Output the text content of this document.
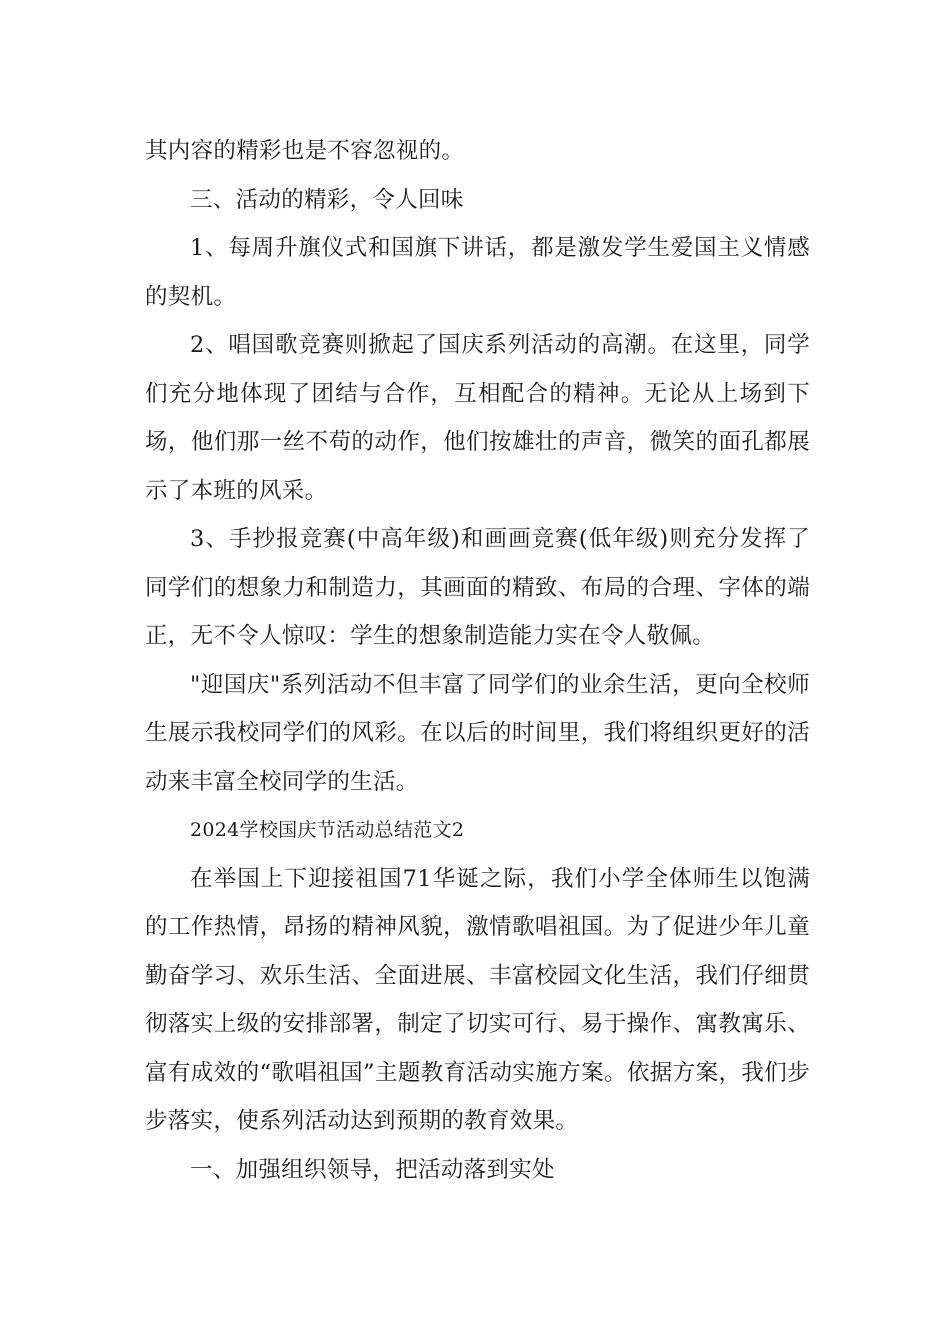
其内容的精彩也是不容忽视的。

三、活动的精彩，令人回味

1、每周升旗仪式和国旗下讲话，都是激发学生爱国主义情感的契机。

2、唱国歌竞赛则掀起了国庆系列活动的高潮。在这里，同学们充分地体现了团结与合作，互相配合的精神。无论从上场到下场，他们那一丝不苟的动作，他们按雄壮的声音，微笑的面孔都展示了本班的风采。

3、手抄报竞赛(中高年级)和画画竞赛(低年级)则充分发挥了同学们的想象力和制造力，其画面的精致、布局的合理、字体的端正，无不令人惊叹：学生的想象制造能力实在令人敬佩。

"迎国庆"系列活动不但丰富了同学们的业余生活，更向全校师生展示我校同学们的风彩。在以后的时间里，我们将组织更好的活动来丰富全校同学的生活。

2024学校国庆节活动总结范文2

在举国上下迎接祖国71华诞之际，我们小学全体师生以饱满的工作热情，昂扬的精神风貌，激情歌唱祖国。为了促进少年儿童勤奋学习、欢乐生活、全面进展、丰富校园文化生活，我们仔细贯彻落实上级的安排部署，制定了切实可行、易于操作、寓教寓乐、富有成效的“歌唱祖国”主题教育活动实施方案。依据方案，我们步步落实，使系列活动达到预期的教育效果。

一、加强组织领导，把活动落到实处
